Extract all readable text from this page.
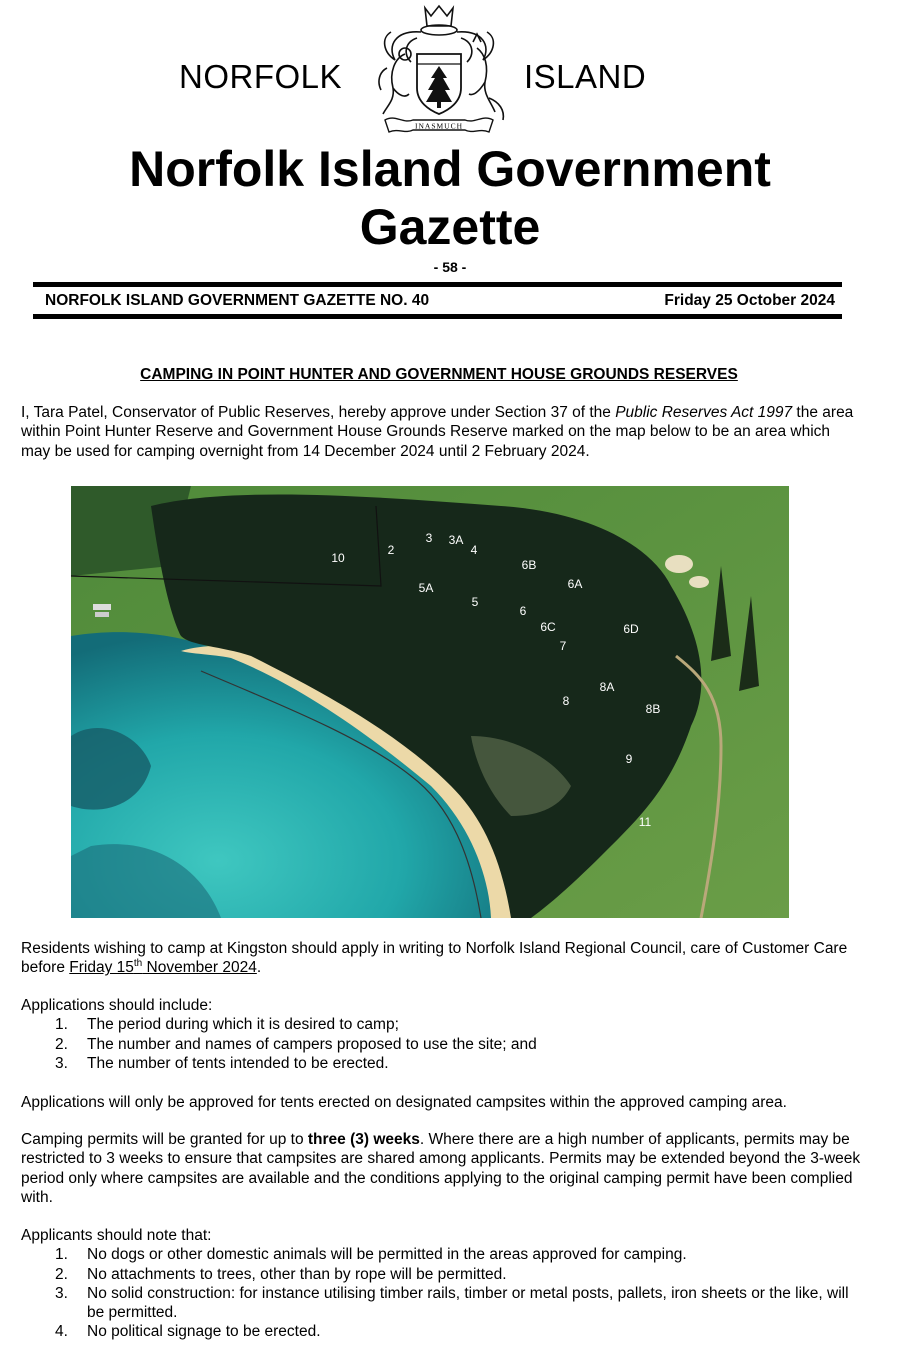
NORFOLK
INASMUCH
ISLAND
Norfolk Island Government
Gazette
- 58 -
NORFOLK ISLAND GOVERNMENT GAZETTE NO. 40	Friday 25 October 2024
CAMPING IN POINT HUNTER AND GOVERNMENT HOUSE GROUNDS RESERVES
I, Tara Patel, Conservator of Public Reserves, hereby approve under Section 37 of the Public Reserves Act 1997 the area within Point Hunter Reserve and Government House Grounds Reserve marked on the map below to be an area which may be used for camping overnight from 14 December 2024 until 2 February 2024.
10
2
3 3A
4
6B
6A
5A
5
6
6C
7
6D
8A
8
8B
9
11
Residents wishing to camp at Kingston should apply in writing to Norfolk Island Regional Council, care of Customer Care before Friday 15th November 2024.
Applications should include:
1. The period during which it is desired to camp;
2. The number and names of campers proposed to use the site; and
3. The number of tents intended to be erected.
Applications will only be approved for tents erected on designated campsites within the approved camping area.
Camping permits will be granted for up to three (3) weeks. Where there are a high number of applicants, permits may be restricted to 3 weeks to ensure that campsites are shared among applicants. Permits may be extended beyond the 3-week period only where campsites are available and the conditions applying to the original camping permit have been complied with.
Applicants should note that:
1. No dogs or other domestic animals will be permitted in the areas approved for camping.
2. No attachments to trees, other than by rope will be permitted.
3. No solid construction: for instance utilising timber rails, timber or metal posts, pallets, iron sheets or the like, will be permitted.
4. No political signage to be erected.
